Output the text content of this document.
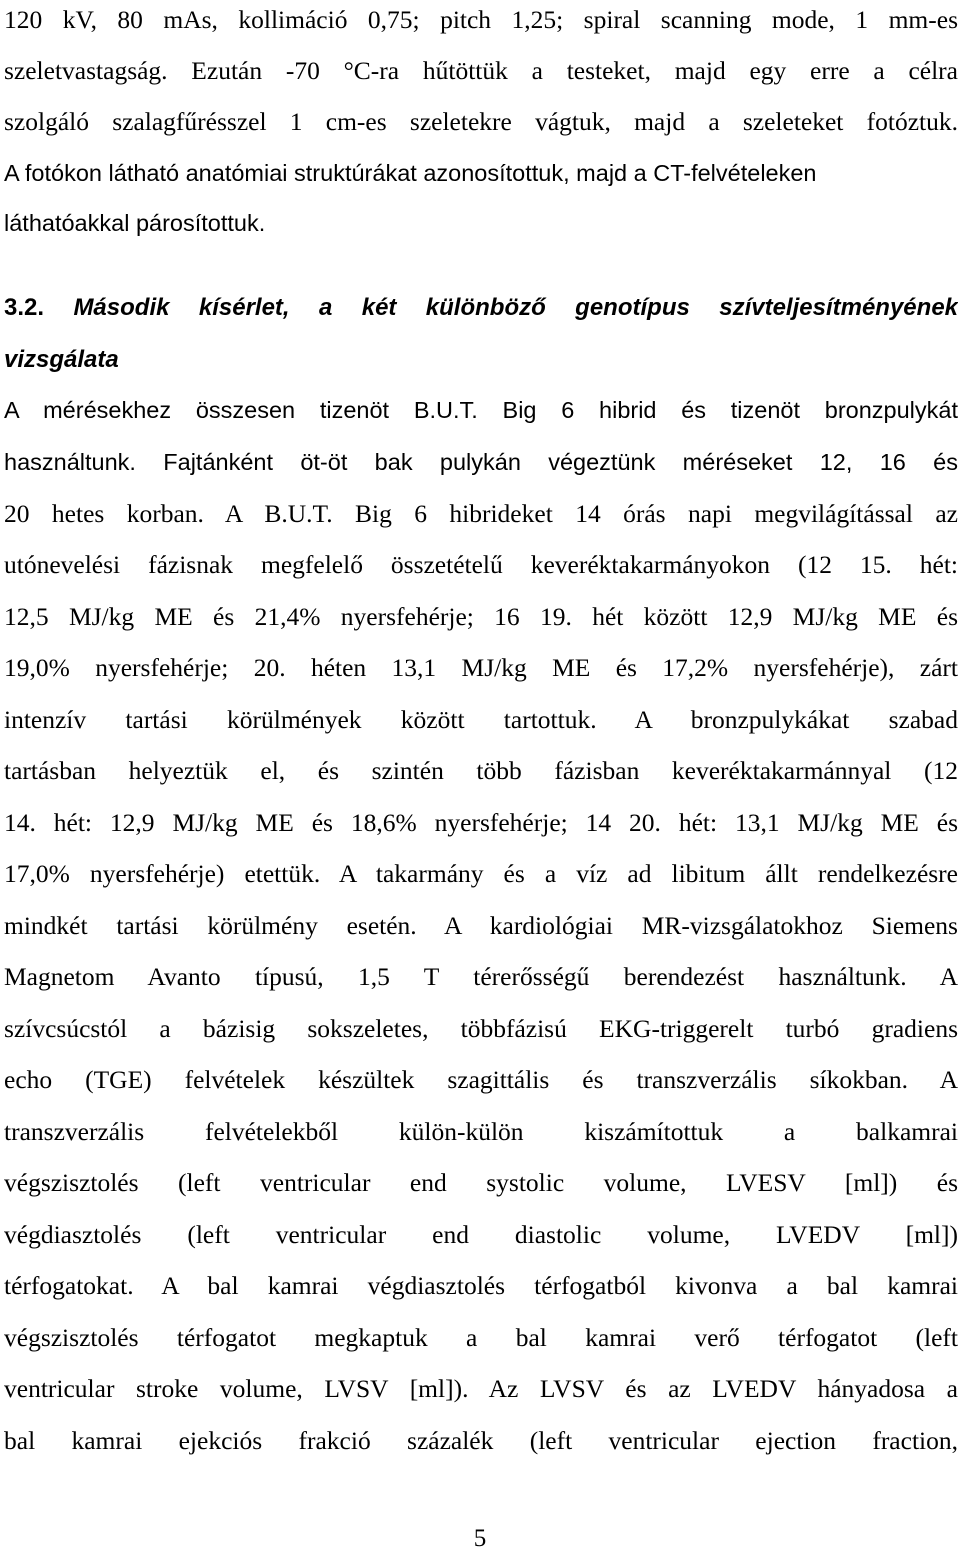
120 kV, 80 mAs, kollimáció 0,75; pitch 1,25; spiral scanning mode, 1 mm-es
szeletvastagság. Ezután -70 °C-ra hűtöttük a testeket, majd egy erre a célra
szolgáló szalagfűrésszel 1 cm-es szeletekre vágtuk, majd a szeleteket fotóztuk.
A fotókon látható anatómiai struktúrákat azonosítottuk, majd a CT-felvételeken
láthatóakkal párosítottuk.
3.2. Második kísérlet, a két különböző genotípus szívteljesítményének
vizsgálata
A mérésekhez összesen tizenöt B.U.T. Big 6 hibrid és tizenöt bronzpulykát
használtunk. Fajtánként öt-öt bak pulykán végeztünk méréseket 12, 16 és
20 hetes korban. A B.U.T. Big 6 hibrideket 14 órás napi megvilágítással az
utónevelési fázisnak megfelelő összetételű keveréktakarmányokon (12 15. hét:
12,5 MJ/kg ME és 21,4% nyersfehérje; 16 19. hét között 12,9 MJ/kg ME és
19,0% nyersfehérje; 20. héten 13,1 MJ/kg ME és 17,2% nyersfehérje), zárt
intenzív tartási körülmények között tartottuk. A bronzpulykákat szabad
tartásban helyeztük el, és szintén több fázisban keveréktakarmánnyal (12
14. hét: 12,9 MJ/kg ME és 18,6% nyersfehérje; 14 20. hét: 13,1 MJ/kg ME és
17,0% nyersfehérje) etettük. A takarmány és a víz ad libitum állt rendelkezésre
mindkét tartási körülmény esetén. A kardiológiai MR-vizsgálatokhoz Siemens
Magnetom Avanto típusú, 1,5 T térerősségű berendezést használtunk. A
szívcsúcstól a bázisig sokszeletes, többfázisú EKG-triggerelt turbó gradiens
echo (TGE) felvételek készültek szagittális és transzverzális síkokban. A
transzverzális felvételekből külön-külön kiszámítottuk a balkamrai
végszisztolés (left ventricular end systolic volume, LVESV [ml]) és
végdiasztolés (left ventricular end diastolic volume, LVEDV [ml])
térfogatokat. A bal kamrai végdiasztolés térfogatból kivonva a bal kamrai
végszisztolés térfogatot megkaptuk a bal kamrai verő térfogatot (left
ventricular stroke volume, LVSV [ml]). Az LVSV és az LVEDV hányadosa a
bal kamrai ejekciós frakció százalék (left ventricular ejection fraction,
5
